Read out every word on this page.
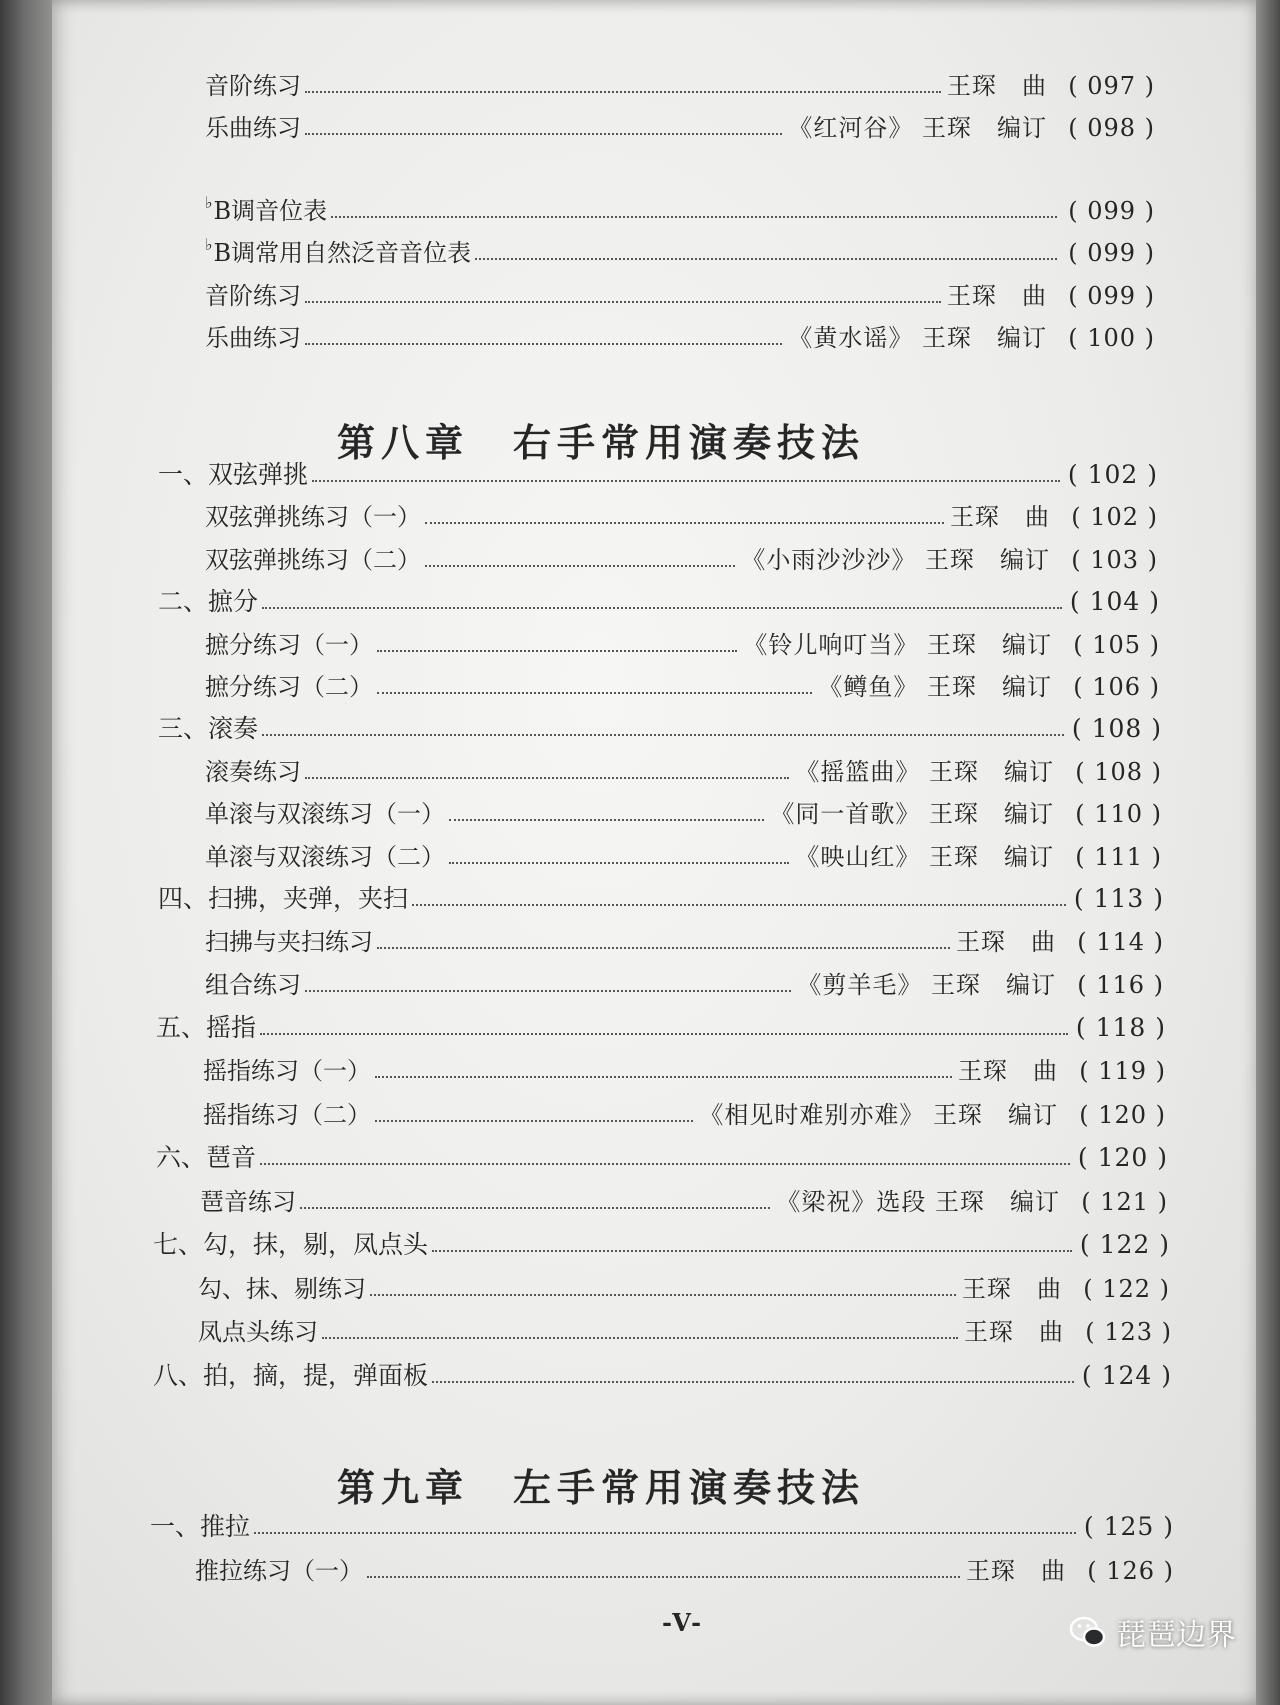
第八章 右手常用演奏技法
第九章 左手常用演奏技法
-V-
音阶练习	王琛　曲 ( 097 )
乐曲练习	《红河谷》 王琛　编订 ( 098 )
♭B调音位表	( 099 )
♭B调常用自然泛音音位表	( 099 )
音阶练习	王琛　曲 ( 099 )
乐曲练习	《黄水谣》 王琛　编订 ( 100 )
一、双弦弹挑	( 102 )
双弦弹挑练习（一）	王琛　曲 ( 102 )
双弦弹挑练习（二）	《小雨沙沙沙》 王琛　编订 ( 103 )
二、摭分	( 104 )
摭分练习（一）	《铃儿响叮当》 王琛　编订 ( 105 )
摭分练习（二）	《鳟鱼》 王琛　编订 ( 106 )
三、滚奏	( 108 )
滚奏练习	《摇篮曲》 王琛　编订 ( 108 )
单滚与双滚练习（一）	《同一首歌》 王琛　编订 ( 110 )
单滚与双滚练习（二）	《映山红》 王琛　编订 ( 111 )
四、扫拂，夹弹，夹扫	( 113 )
扫拂与夹扫练习	王琛　曲 ( 114 )
组合练习	《剪羊毛》 王琛　编订 ( 116 )
五、摇指	( 118 )
摇指练习（一）	王琛　曲 ( 119 )
摇指练习（二）	《相见时难别亦难》 王琛　编订 ( 120 )
六、琶音	( 120 )
琶音练习	《梁祝》选段 王琛　编订 ( 121 )
七、勾，抹，剔，凤点头	( 122 )
勾、抹、剔练习	王琛　曲 ( 122 )
凤点头练习	王琛　曲 ( 123 )
八、拍，摘，提，弹面板	( 124 )
一、推拉	( 125 )
推拉练习（一）	王琛　曲 ( 126 )
琵琶边界
